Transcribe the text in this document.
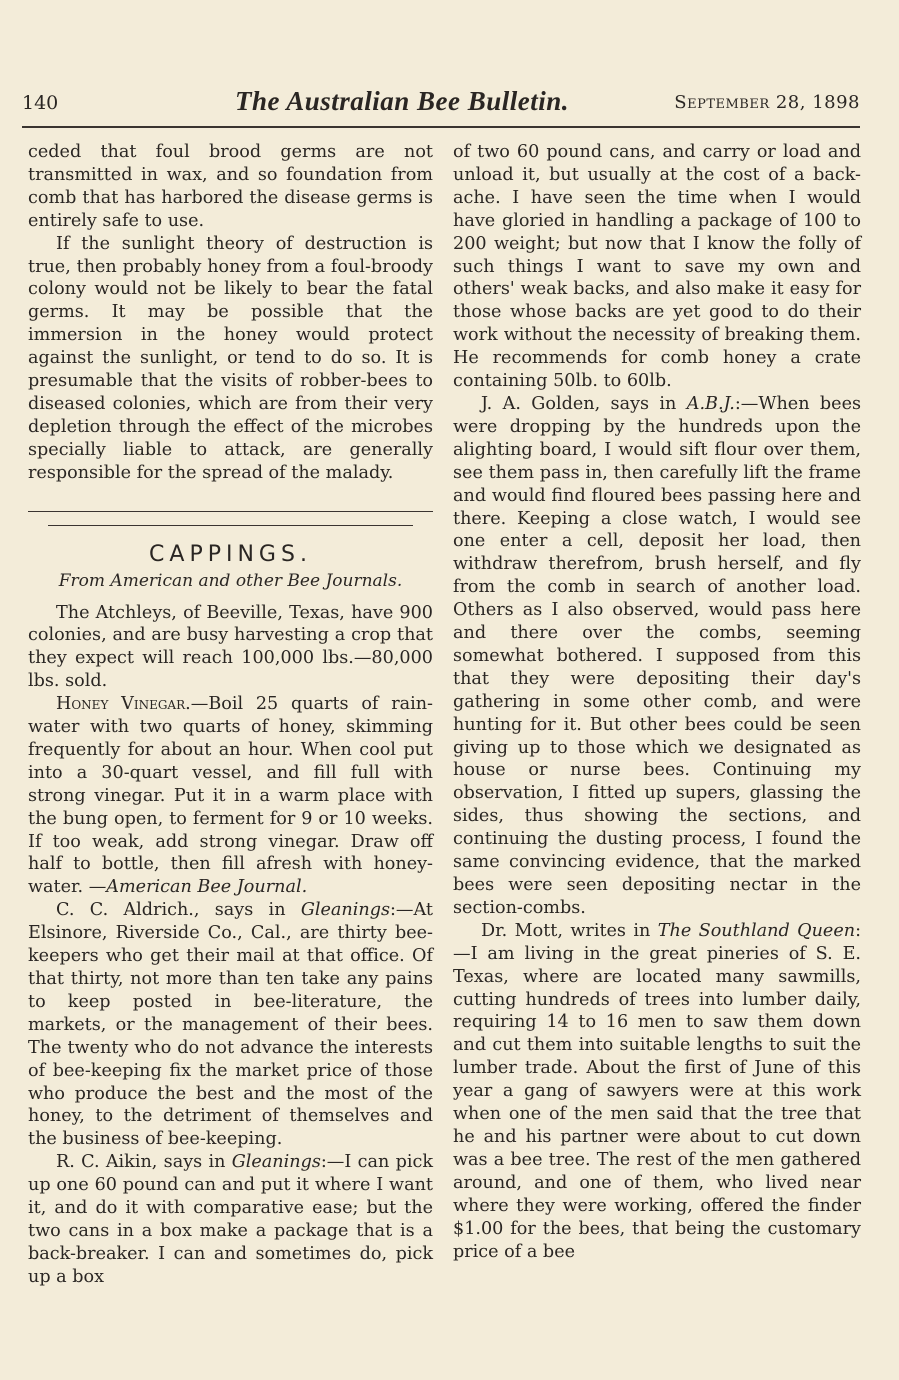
140	The Australian Bee Bulletin.	September 28, 1898

ceded that foul brood germs are not transmitted in wax, and so foundation from comb that has harbored the disease germs is entirely safe to use.

If the sunlight theory of destruction is true, then probably honey from a foul-broody colony would not be likely to bear the fatal germs. It may be possible that the immersion in the honey would protect against the sunlight, or tend to do so. It is presumable that the visits of robber-bees to diseased colonies, which are from their very depletion through the effect of the microbes specially liable to attack, are generally responsible for the spread of the malady.

CAPPINGS.
From American and other Bee Journals.

The Atchleys, of Beeville, Texas, have 900 colonies, and are busy harvesting a crop that they expect will reach 100,000 lbs.—80,000 lbs. sold.

Honey Vinegar.—Boil 25 quarts of rain-water with two quarts of honey, skimming frequently for about an hour. When cool put into a 30-quart vessel, and fill full with strong vinegar. Put it in a warm place with the bung open, to ferment for 9 or 10 weeks. If too weak, add strong vinegar. Draw off half to bottle, then fill afresh with honey-water. —American Bee Journal.

C. C. Aldrich., says in Gleanings:—At Elsinore, Riverside Co., Cal., are thirty bee-keepers who get their mail at that office. Of that thirty, not more than ten take any pains to keep posted in bee-literature, the markets, or the management of their bees. The twenty who do not advance the interests of bee-keeping fix the market price of those who produce the best and the most of the honey, to the detriment of themselves and the business of bee-keeping.

R. C. Aikin, says in Gleanings:—I can pick up one 60 pound can and put it where I want it, and do it with comparative ease; but the two cans in a box make a package that is a back-breaker. I can and sometimes do, pick up a box

of two 60 pound cans, and carry or load and unload it, but usually at the cost of a back-ache. I have seen the time when I would have gloried in handling a package of 100 to 200 weight; but now that I know the folly of such things I want to save my own and others' weak backs, and also make it easy for those whose backs are yet good to do their work without the necessity of breaking them. He recommends for comb honey a crate containing 50lb. to 60lb.

J. A. Golden, says in A.B.J.:—When bees were dropping by the hundreds upon the alighting board, I would sift flour over them, see them pass in, then carefully lift the frame and would find floured bees passing here and there. Keeping a close watch, I would see one enter a cell, deposit her load, then withdraw therefrom, brush herself, and fly from the comb in search of another load. Others as I also observed, would pass here and there over the combs, seeming somewhat bothered. I supposed from this that they were depositing their day's gathering in some other comb, and were hunting for it. But other bees could be seen giving up to those which we designated as house or nurse bees. Continuing my observation, I fitted up supers, glassing the sides, thus showing the sections, and continuing the dusting process, I found the same convincing evidence, that the marked bees were seen depositing nectar in the section-combs.

Dr. Mott, writes in The Southland Queen:—I am living in the great pineries of S. E. Texas, where are located many sawmills, cutting hundreds of trees into lumber daily, requiring 14 to 16 men to saw them down and cut them into suitable lengths to suit the lumber trade. About the first of June of this year a gang of sawyers were at this work when one of the men said that the tree that he and his partner were about to cut down was a bee tree. The rest of the men gathered around, and one of them, who lived near where they were working, offered the finder $1.00 for the bees, that being the customary price of a bee
